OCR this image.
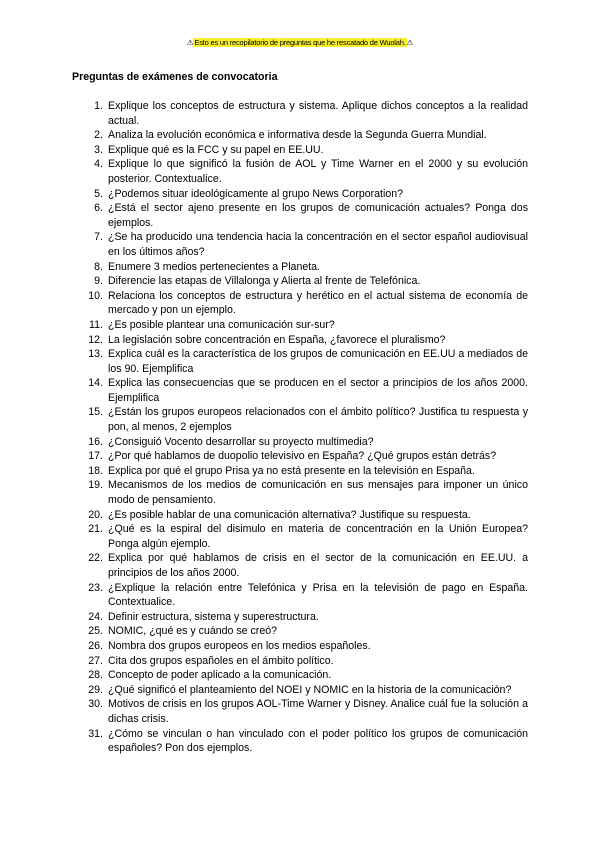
⚠Esto es un recopilatorio de preguntas que he rescatado de Wuolah.⚠
Preguntas de exámenes de convocatoria
1. Explique los conceptos de estructura y sistema. Aplique dichos conceptos a la realidad actual.
2. Analiza la evolución económica e informativa desde la Segunda Guerra Mundial.
3. Explique qué es la FCC y su papel en EE.UU.
4. Explique lo que significó la fusión de AOL y Time Warner en el 2000 y su evolución posterior. Contextualice.
5. ¿Podemos situar ideológicamente al grupo News Corporation?
6. ¿Está el sector ajeno presente en los grupos de comunicación actuales? Ponga dos ejemplos.
7. ¿Se ha producido una tendencia hacia la concentración en el sector español audiovisual en los últimos años?
8. Enumere 3 medios pertenecientes a Planeta.
9. Diferencie las etapas de Villalonga y Alierta al frente de Telefónica.
10. Relaciona los conceptos de estructura y herético en el actual sistema de economía de mercado y pon un ejemplo.
11. ¿Es posible plantear una comunicación sur-sur?
12. La legislación sobre concentración en España, ¿favorece el pluralismo?
13. Explica cuál es la característica de los grupos de comunicación en EE.UU a mediados de los 90. Ejemplifica
14. Explica las consecuencias que se producen en el sector a principios de los años 2000. Ejemplifica
15. ¿Están los grupos europeos relacionados con el ámbito político? Justifica tu respuesta y pon, al menos, 2 ejemplos
16. ¿Consiguió Vocento desarrollar su proyecto multimedia?
17. ¿Por qué hablamos de duopolio televisivo en España? ¿Qué grupos están detrás?
18. Explica por qué el grupo Prisa ya no está presente en la televisión en España.
19. Mecanismos de los medios de comunicación en sus mensajes para imponer un único modo de pensamiento.
20. ¿Es posible hablar de una comunicación alternativa? Justifique su respuesta.
21. ¿Qué es la espiral del disimulo en materia de concentración en la Unión Europea? Ponga algún ejemplo.
22. Explica por qué hablamos de crisis en el sector de la comunicación en EE.UU. a principios de los años 2000.
23. ¿Explique la relación entre Telefónica y Prisa en la televisión de pago en España. Contextualice.
24. Definir estructura, sistema y superestructura.
25. NOMIC, ¿qué es y cuándo se creó?
26. Nombra dos grupos europeos en los medios españoles.
27. Cita dos grupos españoles en el ámbito político.
28. Concepto de poder aplicado a la comunicación.
29. ¿Qué significó el planteamiento del NOEI y NOMIC en la historia de la comunicación?
30. Motivos de crisis en los grupos AOL-Time Warner y Disney. Analice cuál fue la solución a dichas crisis.
31. ¿Cómo se vinculan o han vinculado con el poder político los grupos de comunicación españoles? Pon dos ejemplos.
